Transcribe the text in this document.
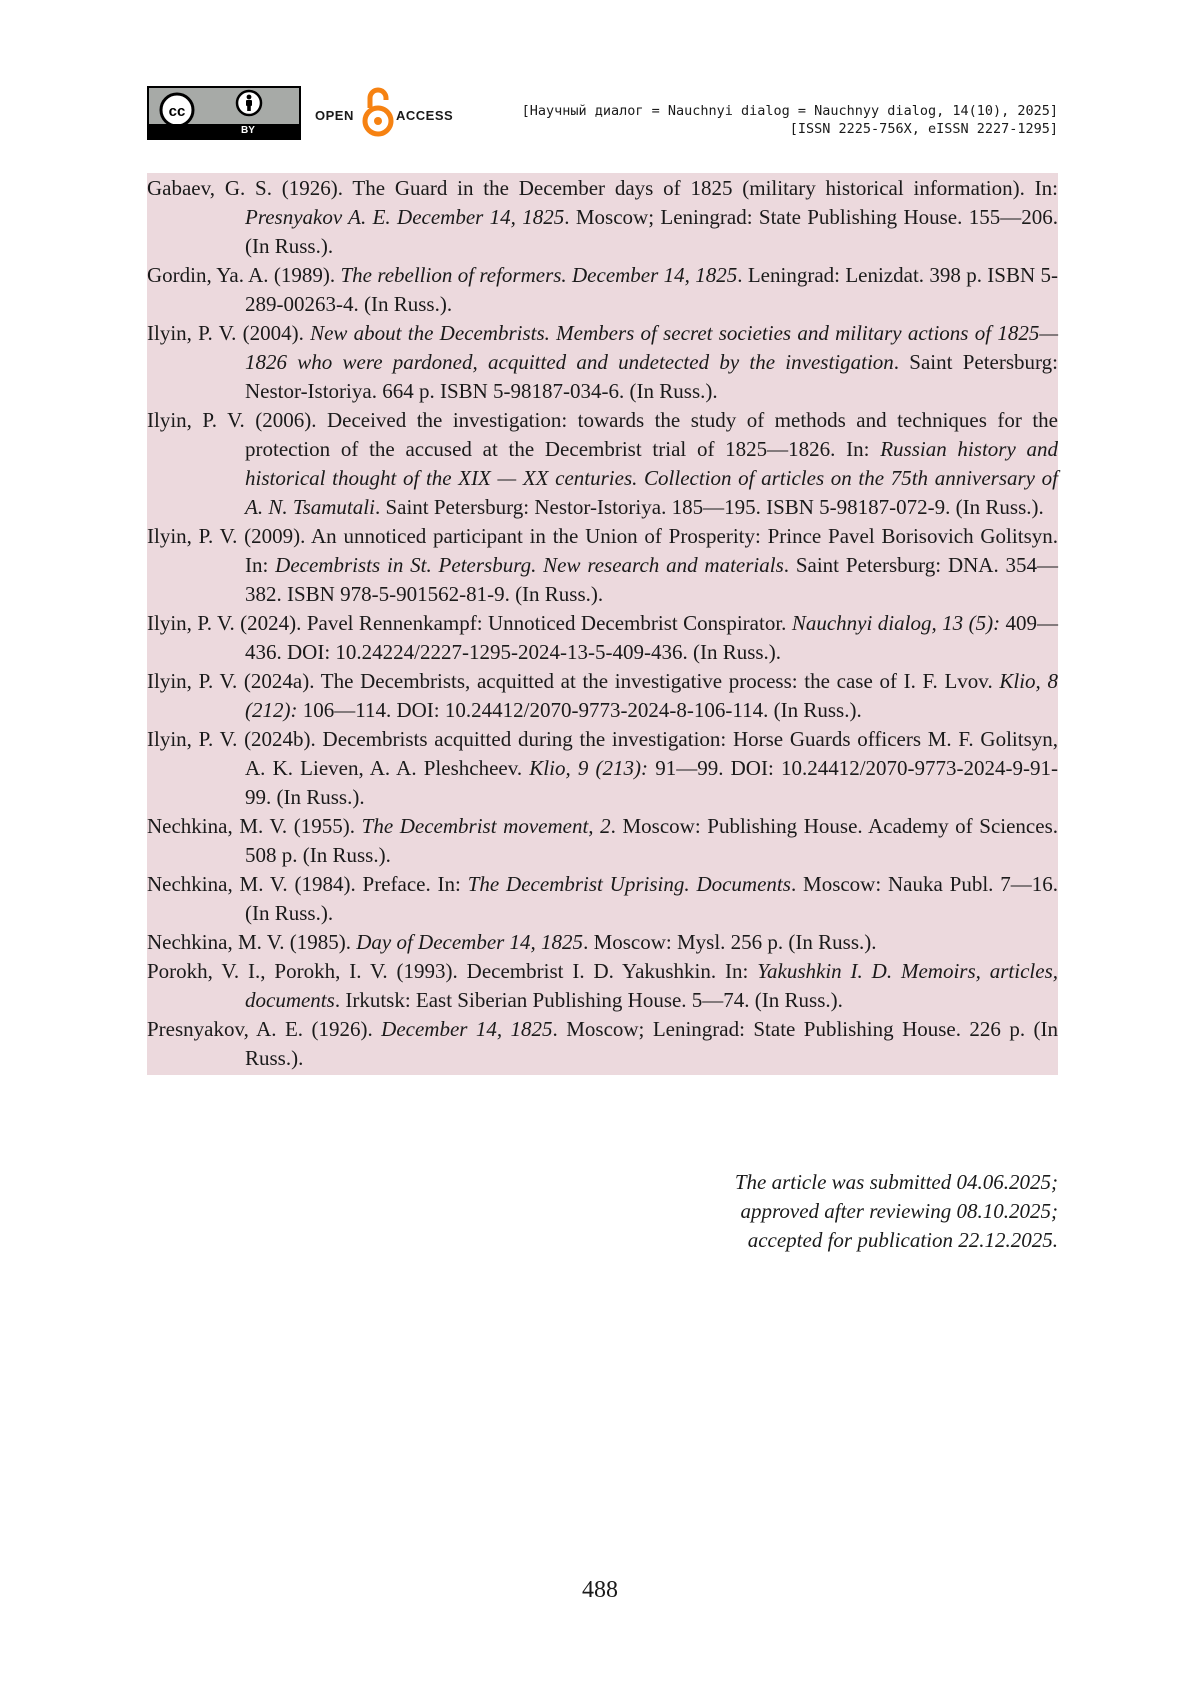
cc
BY
OPEN	ACCESS	[Научный диалог = Nauchnyi dialog = Nauchnyy dialog, 14(10), 2025]
[ISSN 2225-756X, eISSN 2227-1295]

Gabaev, G. S. (1926). The Guard in the December days of 1825 (military historical information). In: Presnyakov A. E. December 14, 1825. Moscow; Leningrad: State Publishing House. 155—206. (In Russ.).

Gordin, Ya. A. (1989). The rebellion of reformers. December 14, 1825. Leningrad: Lenizdat. 398 p. ISBN 5-289-00263-4. (In Russ.).

Ilyin, P. V. (2004). New about the Decembrists. Members of secret societies and military actions of 1825—1826 who were pardoned, acquitted and undetected by the investigation. Saint Petersburg: Nestor-Istoriya. 664 p. ISBN 5-98187-034-6. (In Russ.).

Ilyin, P. V. (2006). Deceived the investigation: towards the study of methods and techniques for the protection of the accused at the Decembrist trial of 1825—1826. In: Russian history and historical thought of the XIX — XX centuries. Collection of articles on the 75th anniversary of A. N. Tsamutali. Saint Petersburg: Nestor-Istoriya. 185—195. ISBN 5-98187-072-9. (In Russ.).

Ilyin, P. V. (2009). An unnoticed participant in the Union of Prosperity: Prince Pavel Borisovich Golitsyn. In: Decembrists in St. Petersburg. New research and materials. Saint Petersburg: DNA. 354—382. ISBN 978-5-901562-81-9. (In Russ.).

Ilyin, P. V. (2024). Pavel Rennenkampf: Unnoticed Decembrist Conspirator. Nauchnyi dialog, 13 (5): 409—436. DOI: 10.24224/2227-1295-2024-13-5-409-436. (In Russ.).

Ilyin, P. V. (2024a). The Decembrists, acquitted at the investigative process: the case of I. F. Lvov. Klio, 8 (212): 106—114. DOI: 10.24412/2070-9773-2024-8-106-114. (In Russ.).

Ilyin, P. V. (2024b). Decembrists acquitted during the investigation: Horse Guards officers M. F. Golitsyn, A. K. Lieven, A. A. Pleshcheev. Klio, 9 (213): 91—99. DOI: 10.24412/2070-9773-2024-9-91-99. (In Russ.).

Nechkina, M. V. (1955). The Decembrist movement, 2. Moscow: Publishing House. Academy of Sciences. 508 p. (In Russ.).

Nechkina, M. V. (1984). Preface. In: The Decembrist Uprising. Documents. Moscow: Nauka Publ. 7—16. (In Russ.).

Nechkina, M. V. (1985). Day of December 14, 1825. Moscow: Mysl. 256 p. (In Russ.).

Porokh, V. I., Porokh, I. V. (1993). Decembrist I. D. Yakushkin. In: Yakushkin I. D. Memoirs, articles, documents. Irkutsk: East Siberian Publishing House. 5—74. (In Russ.).

Presnyakov, A. E. (1926). December 14, 1825. Moscow; Leningrad: State Publishing House. 226 p. (In Russ.).

The article was submitted 04.06.2025;
approved after reviewing 08.10.2025;
accepted for publication 22.12.2025.
488
